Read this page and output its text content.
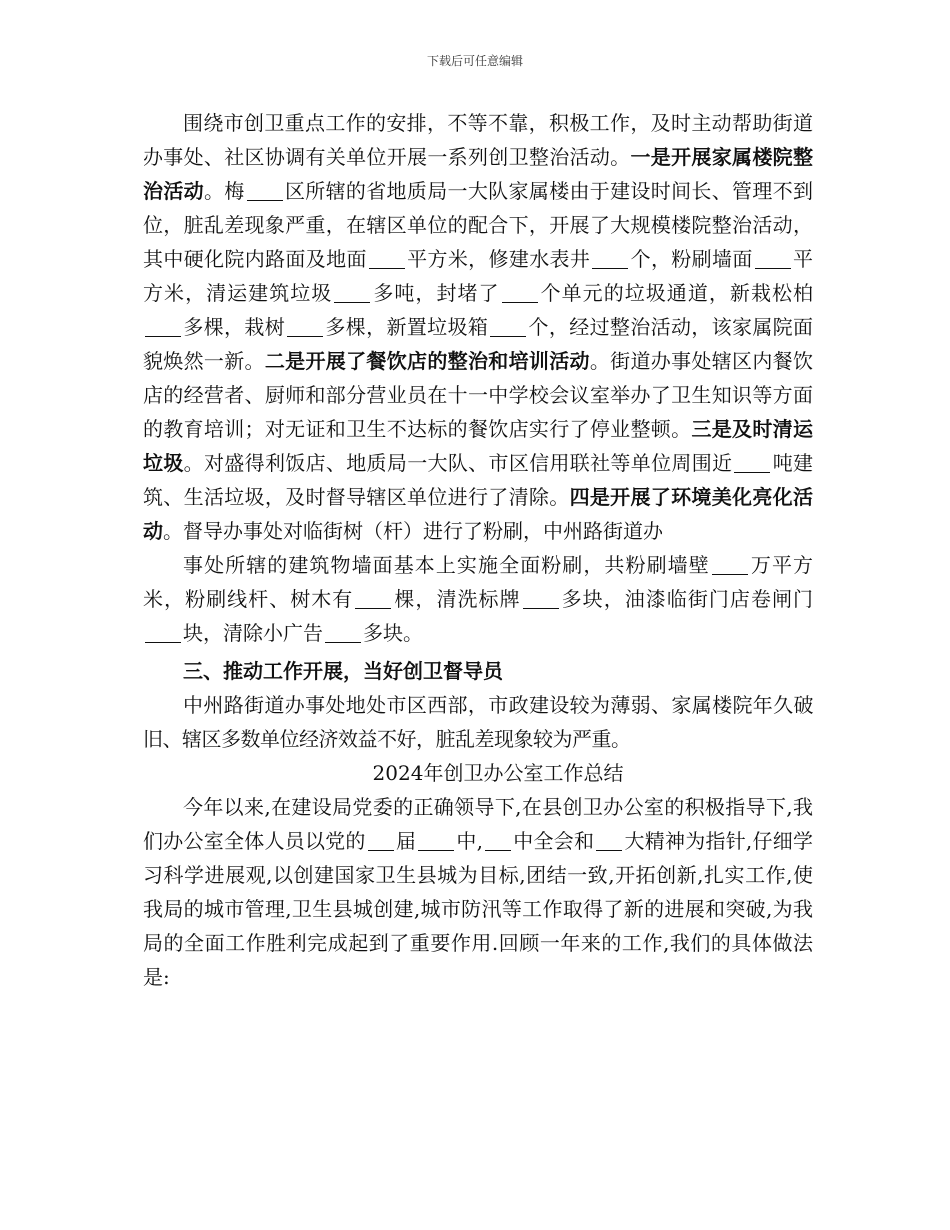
下载后可任意编辑

围绕市创卫重点工作的安排，不等不靠，积极工作，及时主动帮助街道办事处、社区协调有关单位开展一系列创卫整治活动。一是开展家属楼院整治活动。梅 区所辖的省地质局一大队家属楼由于建设时间长、管理不到位，脏乱差现象严重，在辖区单位的配合下，开展了大规模楼院整治活动，其中硬化院内路面及地面 平方米，修建水表井 个，粉刷墙面 平方米，清运建筑垃圾 多吨，封堵了 个单元的垃圾通道，新栽松柏多棵，栽树 多棵，新置垃圾箱 个，经过整治活动，该家属院面貌焕然一新。二是开展了餐饮店的整治和培训活动。街道办事处辖区内餐饮店的经营者、厨师和部分营业员在十一中学校会议室举办了卫生知识等方面的教育培训；对无证和卫生不达标的餐饮店实行了停业整顿。三是及时清运垃圾。对盛得利饭店、地质局一大队、市区信用联社等单位周围近 吨建筑、生活垃圾，及时督导辖区单位进行了清除。四是开展了环境美化亮化活动。督导办事处对临街树（杆）进行了粉刷，中州路街道办

事处所辖的建筑物墙面基本上实施全面粉刷，共粉刷墙壁 万平方米，粉刷线杆、树木有 棵，清洗标牌 多块，油漆临街门店卷闸门块，清除小广告 多块。

三、推动工作开展，当好创卫督导员

中州路街道办事处地处市区西部，市政建设较为薄弱、家属楼院年久破旧、辖区多数单位经济效益不好，脏乱差现象较为严重。

2024年创卫办公室工作总结

今年以来,在建设局党委的正确领导下,在县创卫办公室的积极指导下,我们办公室全体人员以党的 届 中, 中全会和 大精神为指针,仔细学习科学进展观,以创建国家卫生县城为目标,团结一致,开拓创新,扎实工作,使我局的城市管理,卫生县城创建,城市防汛等工作取得了新的进展和突破,为我局的全面工作胜利完成起到了重要作用.回顾一年来的工作,我们的具体做法是:
